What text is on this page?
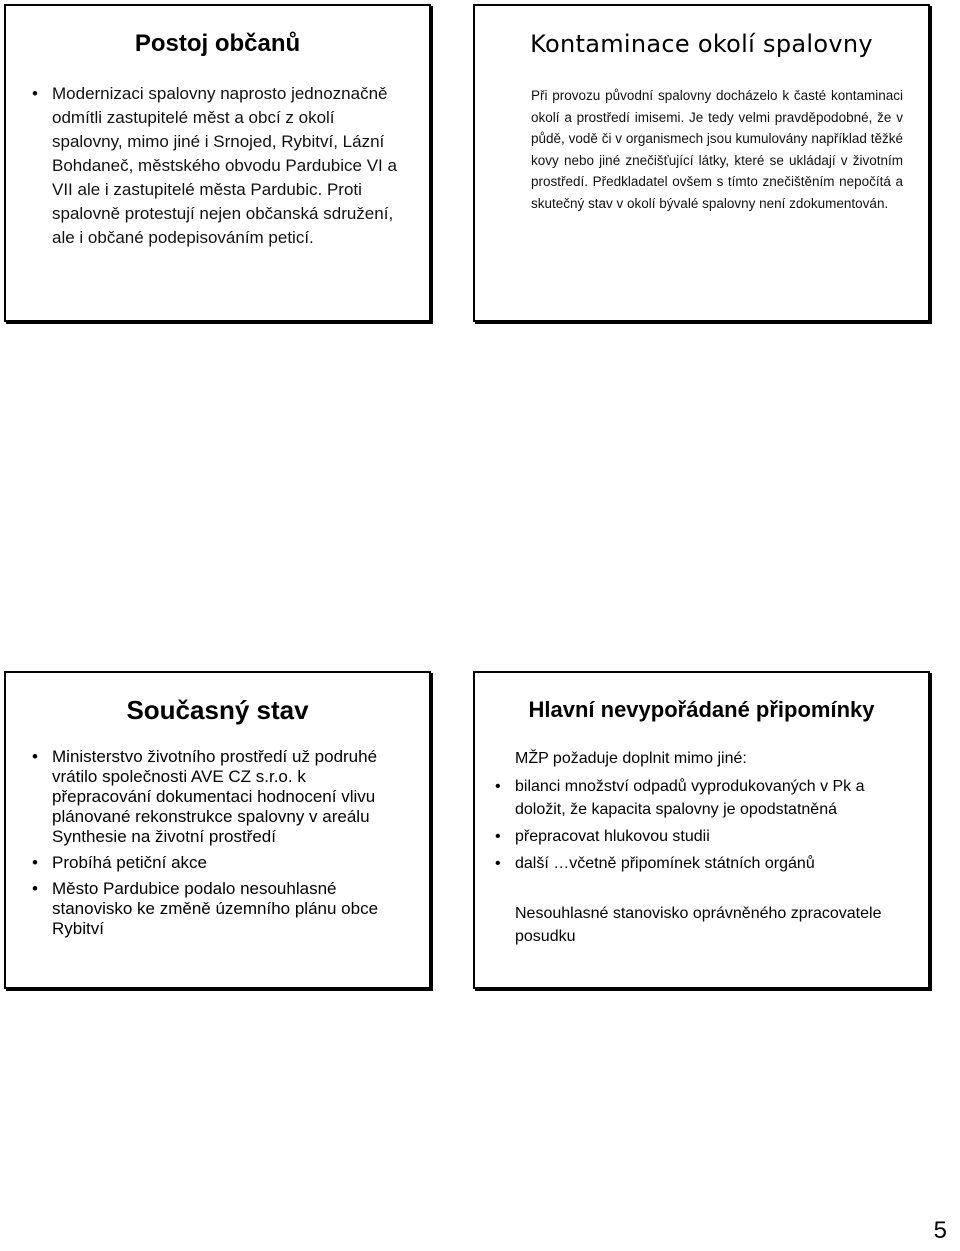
Postoj občanů
• Modernizaci spalovny naprosto jednoznačně odmítli zastupitelé měst a obcí z okolí spalovny, mimo jiné i Srnojed, Rybitví, Lázní Bohdaneč, městského obvodu Pardubice VI a VII ale i zastupitelé města Pardubic. Proti spalovně protestují nejen občanská sdružení, ale i občané podepisováním peticí.
Kontaminace okolí spalovny

Při provozu původní spalovny docházelo k časté kontaminaci okolí a prostředí imisemi. Je tedy velmi pravděpodobné, že v půdě, vodě či v organismech jsou kumulovány například těžké kovy nebo jiné znečišťující látky, které se ukládají v životním prostředí. Předkladatel ovšem s tímto znečištěním nepočítá a skutečný stav v okolí bývalé spalovny není zdokumentován.

Současný stav
• Ministerstvo životního prostředí už podruhé vrátilo společnosti AVE CZ s.r.o. k přepracování dokumentaci hodnocení vlivu plánované rekonstrukce spalovny v areálu Synthesie na životní prostředí
• Probíhá petiční akce
• Město Pardubice podalo nesouhlasné stanovisko ke změně územního plánu obce Rybitví
Hlavní nevypořádané připomínky

MŽP požaduje doplnit mimo jiné:

• bilanci množství odpadů vyprodukovaných v Pk a doložit, že kapacita spalovny je opodstatněná
• přepracovat hlukovou studii
• další …včetně připomínek státních orgánů

Nesouhlasné stanovisko oprávněného zpracovatele posudku

5
